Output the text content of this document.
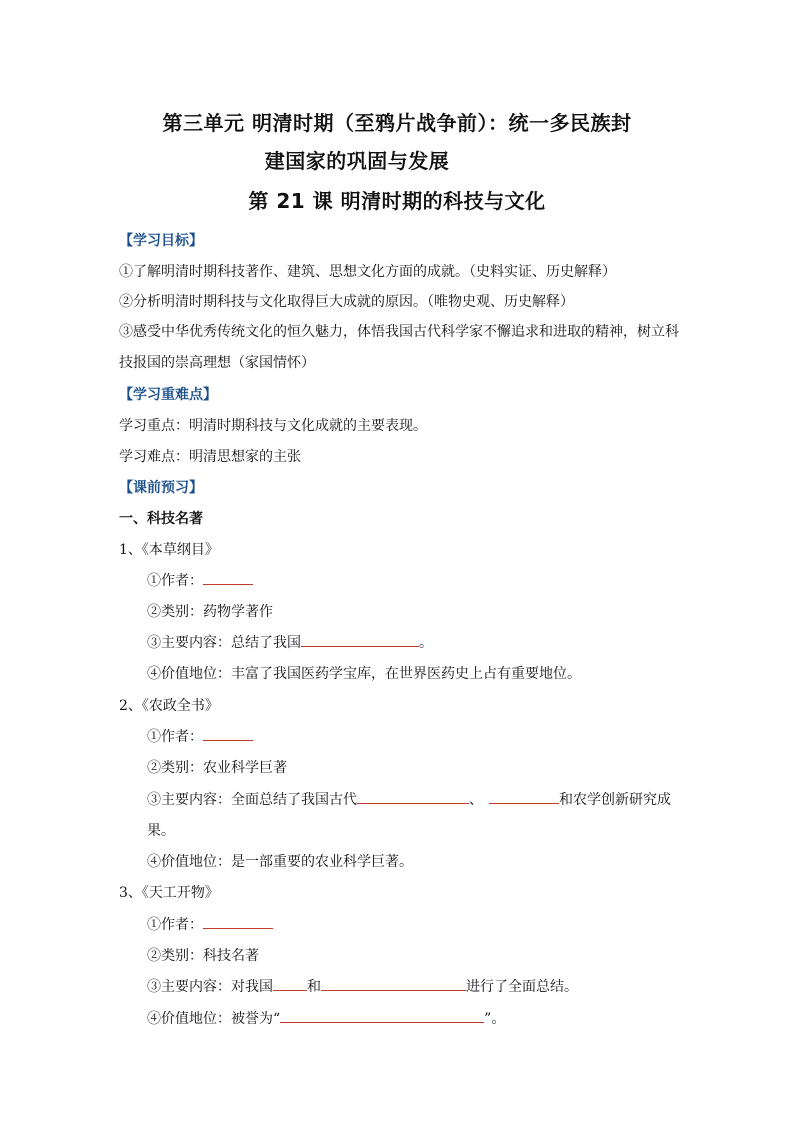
第三单元 明清时期（至鸦片战争前）：统一多民族封
建国家的巩固与发展
第 21 课 明清时期的科技与文化
【学习目标】
①了解明清时期科技著作、建筑、思想文化方面的成就。（史料实证、历史解释）
②分析明清时期科技与文化取得巨大成就的原因。（唯物史观、历史解释）
③感受中华优秀传统文化的恒久魅力，体悟我国古代科学家不懈追求和进取的精神，树立科
技报国的崇高理想（家国情怀）
【学习重难点】
学习重点：明清时期科技与文化成就的主要表现。
学习难点：明清思想家的主张
【课前预习】
一、科技名著
1、《本草纲目》
①作者：
②类别：药物学著作
③主要内容：总结了我国	。
④价值地位：丰富了我国医药学宝库，在世界医药史上占有重要地位。
2、《农政全书》
①作者：
②类别：农业科学巨著
③主要内容：全面总结了我国古代	、	和农学创新研究成
果。
④价值地位：是一部重要的农业科学巨著。
3、《天工开物》
①作者：
②类别：科技名著
③主要内容：对我国 和	进行了全面总结。
④价值地位：被誉为“	”。
